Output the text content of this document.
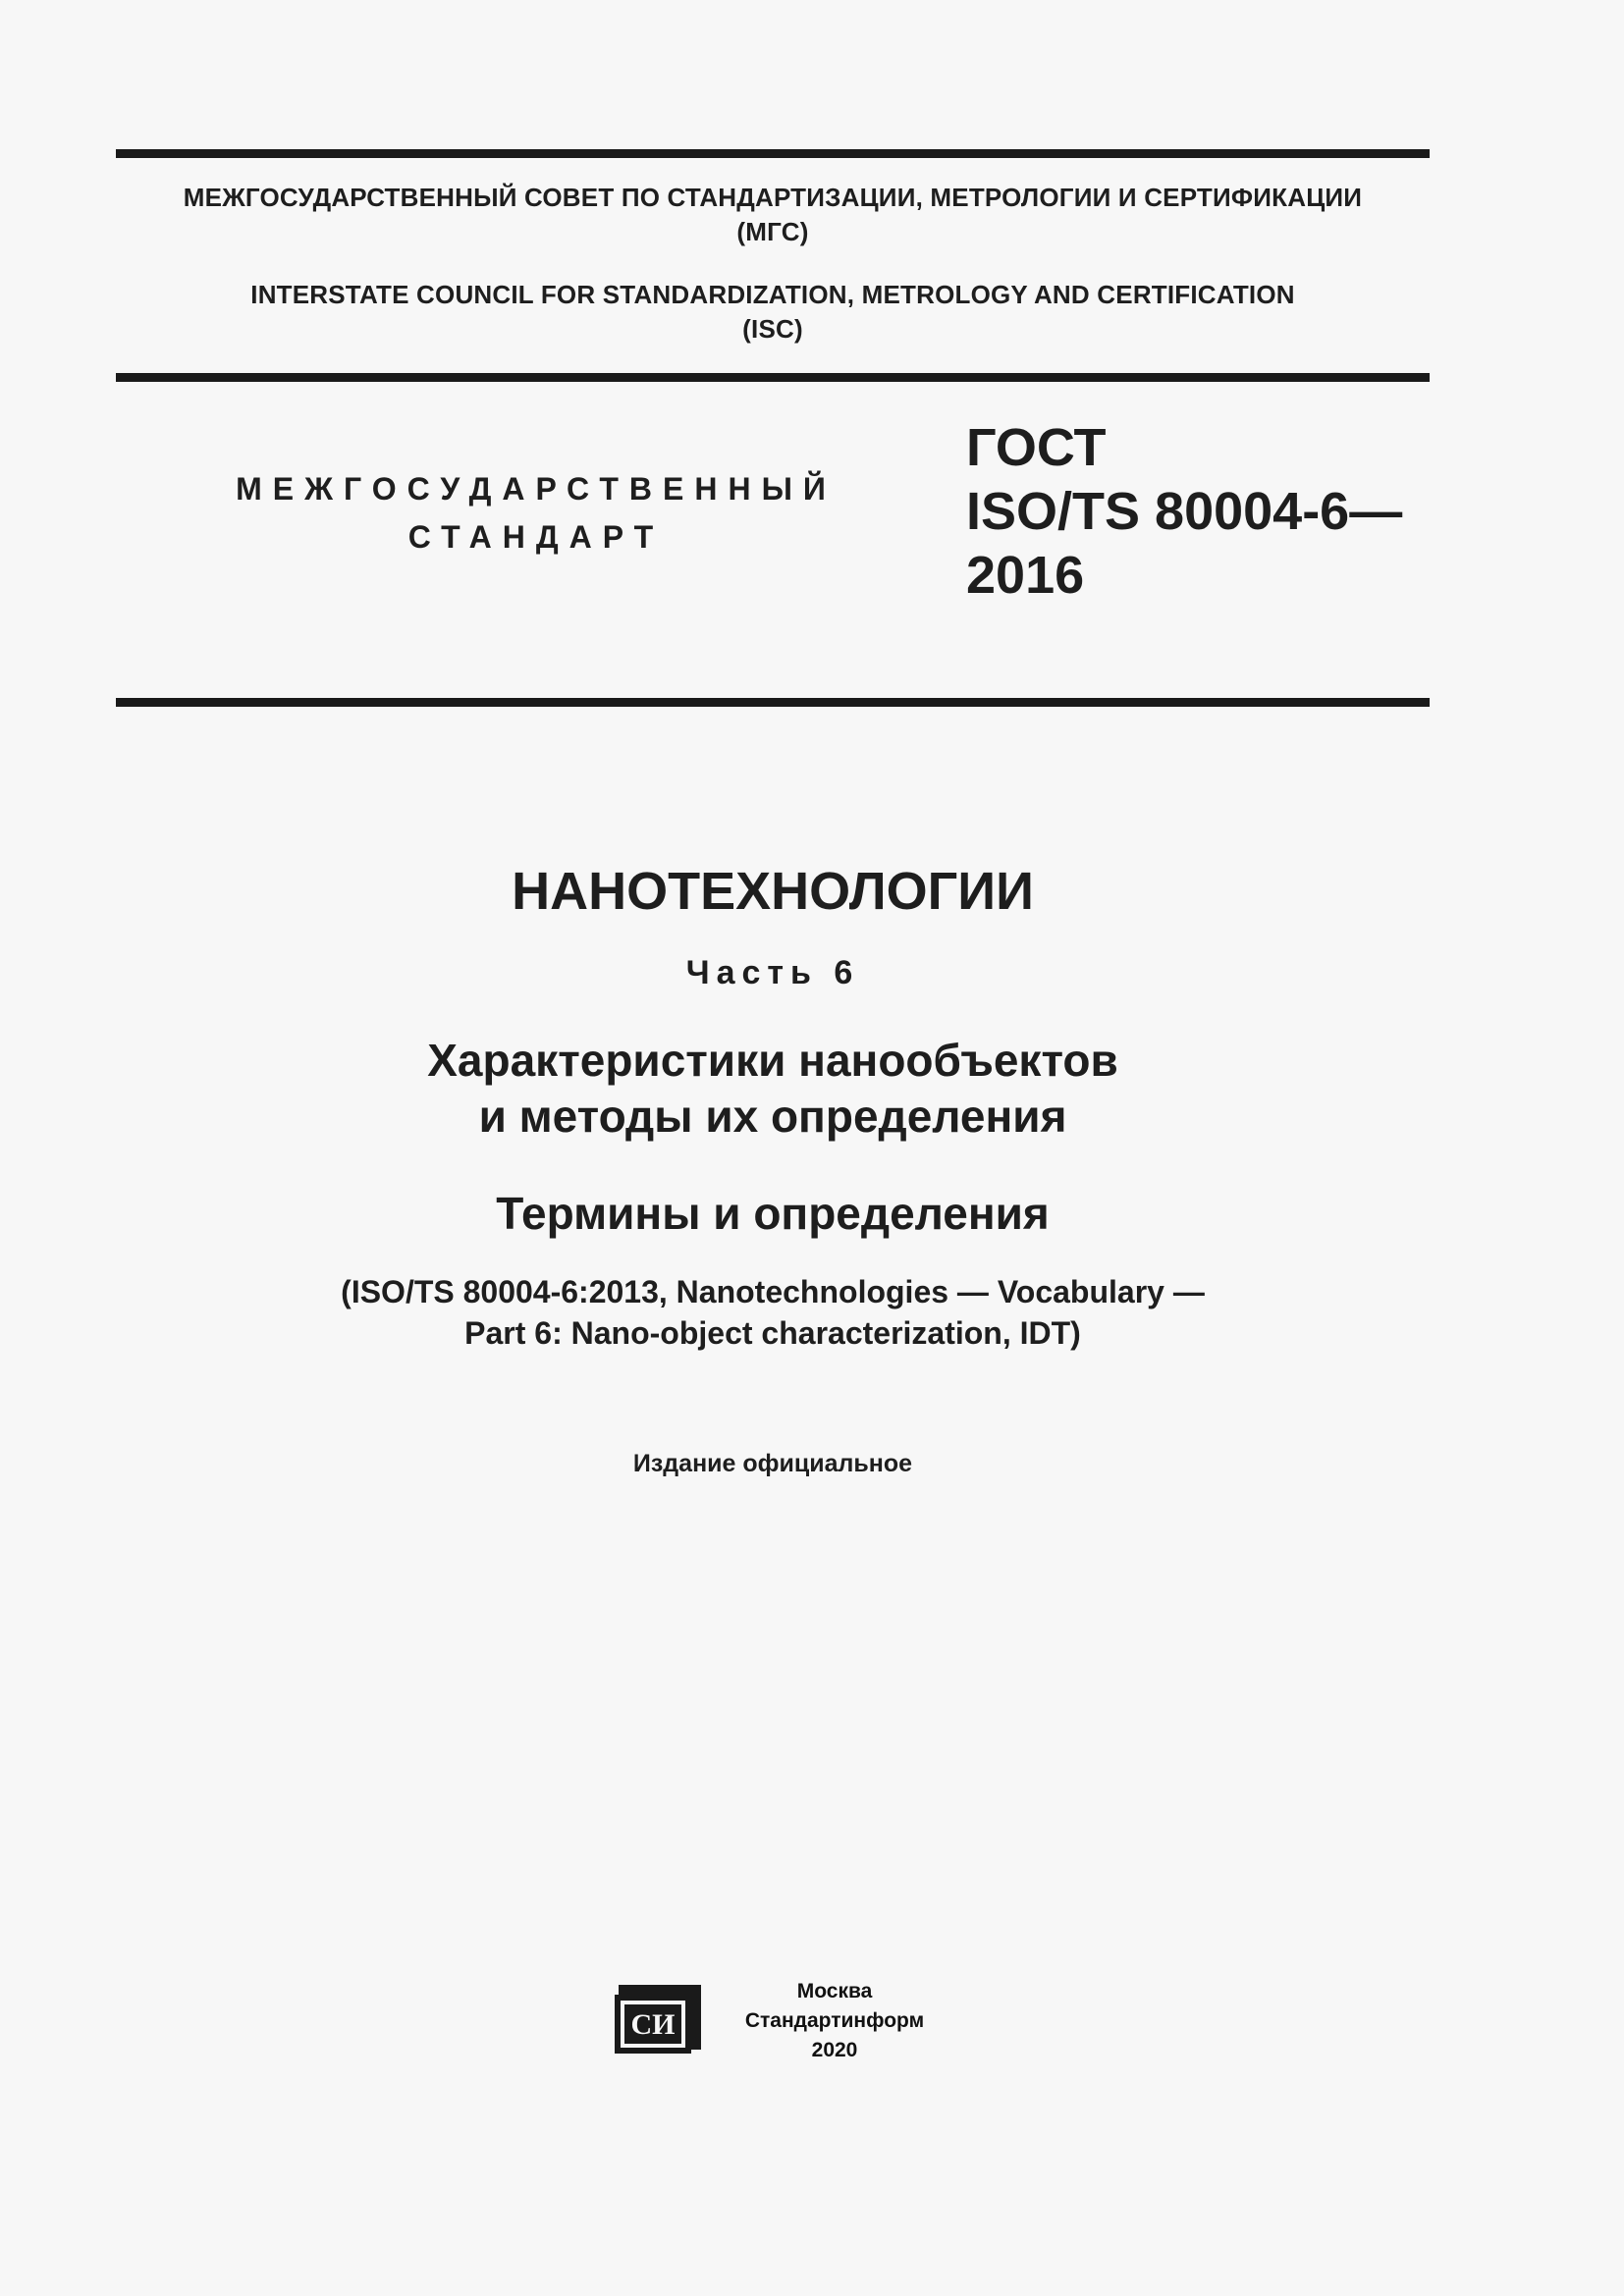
МЕЖГОСУДАРСТВЕННЫЙ СОВЕТ ПО СТАНДАРТИЗАЦИИ, МЕТРОЛОГИИ И СЕРТИФИКАЦИИ
(МГС)
INTERSTATE COUNCIL FOR STANDARDIZATION, METROLOGY AND CERTIFICATION
(ISC)
МЕЖГОСУДАРСТВЕННЫЙ
СТАНДАРТ
ГОСТ
ISO/TS 80004-6—
2016
НАНОТЕХНОЛОГИИ
Часть 6
Характеристики нанообъектов
и методы их определения
Термины и определения
(ISO/TS 80004-6:2013, Nanotechnologies — Vocabulary —
Part 6: Nano-object characterization, IDT)
Издание официальное
СИ
Москва
Стандартинформ
2020
